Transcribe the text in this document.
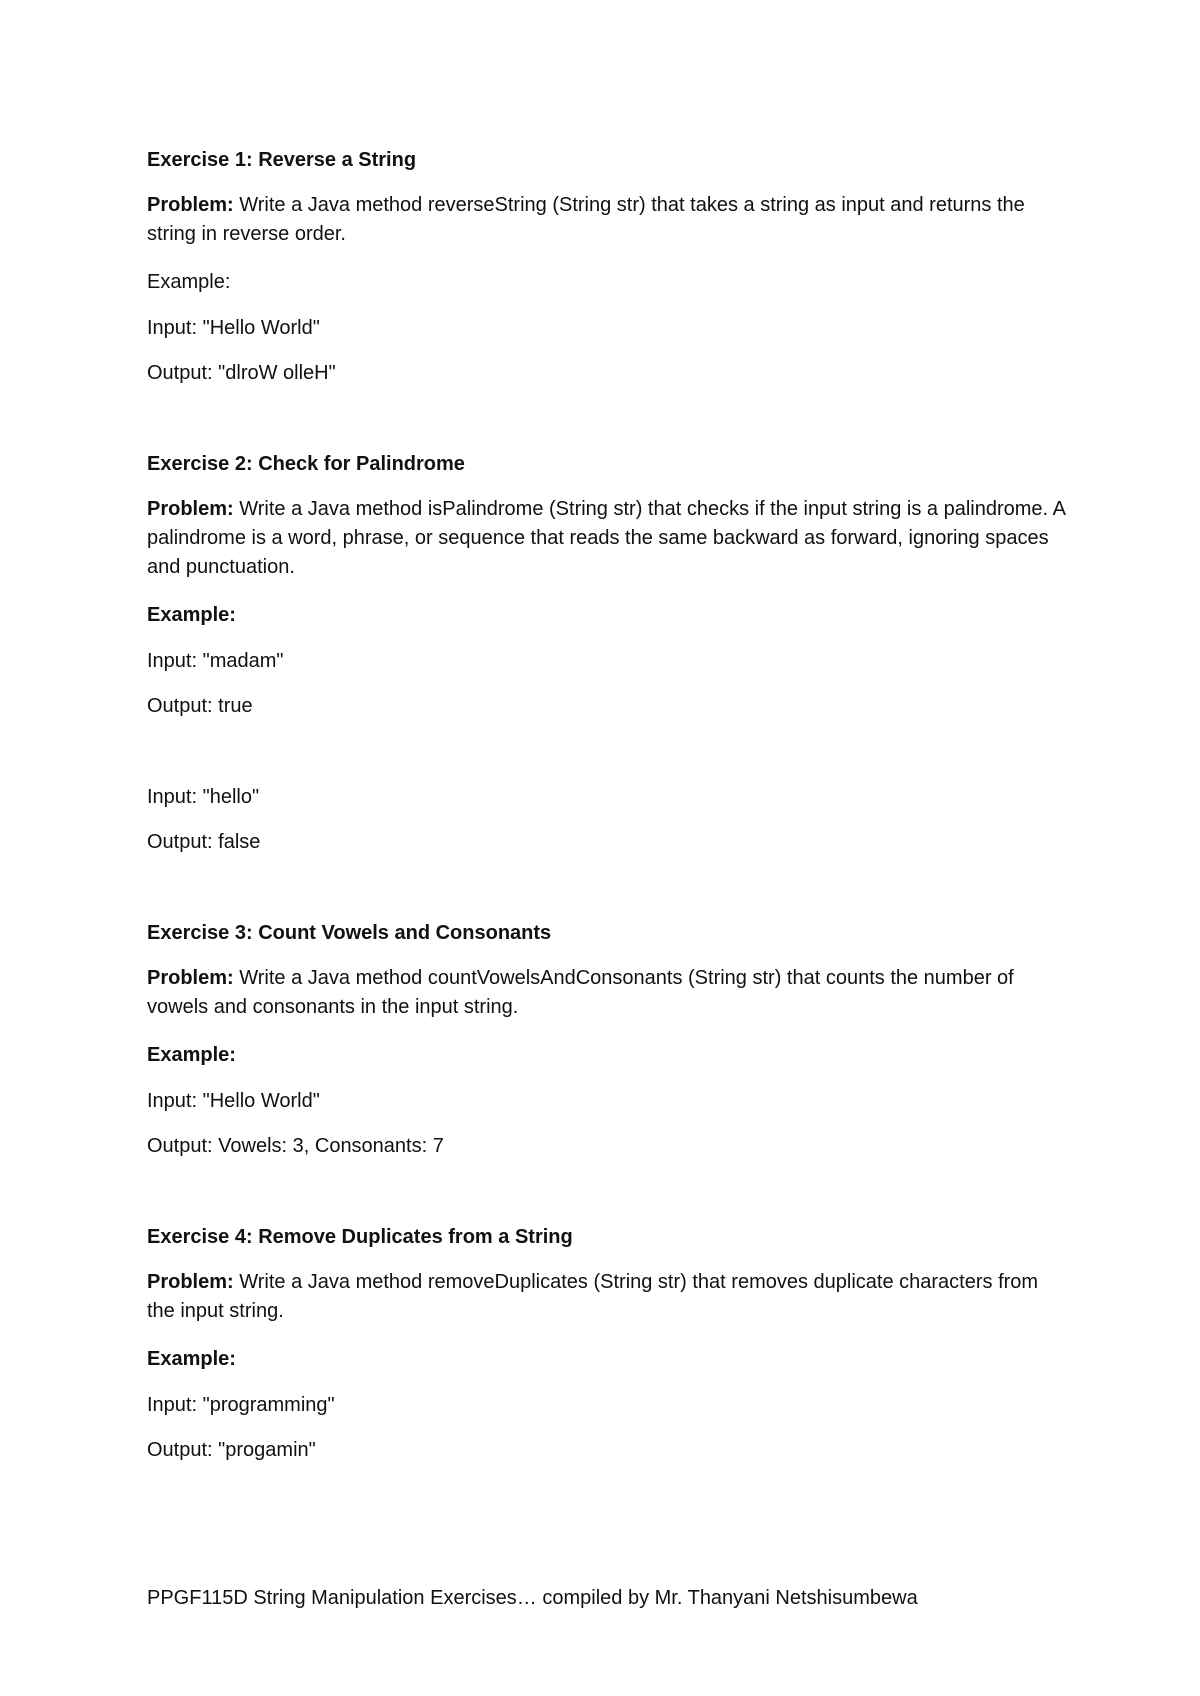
Exercise 1: Reverse a String
Problem: Write a Java method reverseString (String str) that takes a string as input and returns the string in reverse order.
Example:
Input: "Hello World"
Output: "dlroW olleH"
Exercise 2: Check for Palindrome
Problem: Write a Java method isPalindrome (String str) that checks if the input string is a palindrome. A palindrome is a word, phrase, or sequence that reads the same backward as forward, ignoring spaces and punctuation.
Example:
Input: "madam"
Output: true
Input: "hello"
Output: false
Exercise 3: Count Vowels and Consonants
Problem: Write a Java method countVowelsAndConsonants (String str) that counts the number of vowels and consonants in the input string.
Example:
Input: "Hello World"
Output: Vowels: 3, Consonants: 7
Exercise 4: Remove Duplicates from a String
Problem: Write a Java method removeDuplicates (String str) that removes duplicate characters from the input string.
Example:
Input: "programming"
Output: "progamin"
PPGF115D String Manipulation Exercises… compiled by Mr. Thanyani Netshisumbewa
